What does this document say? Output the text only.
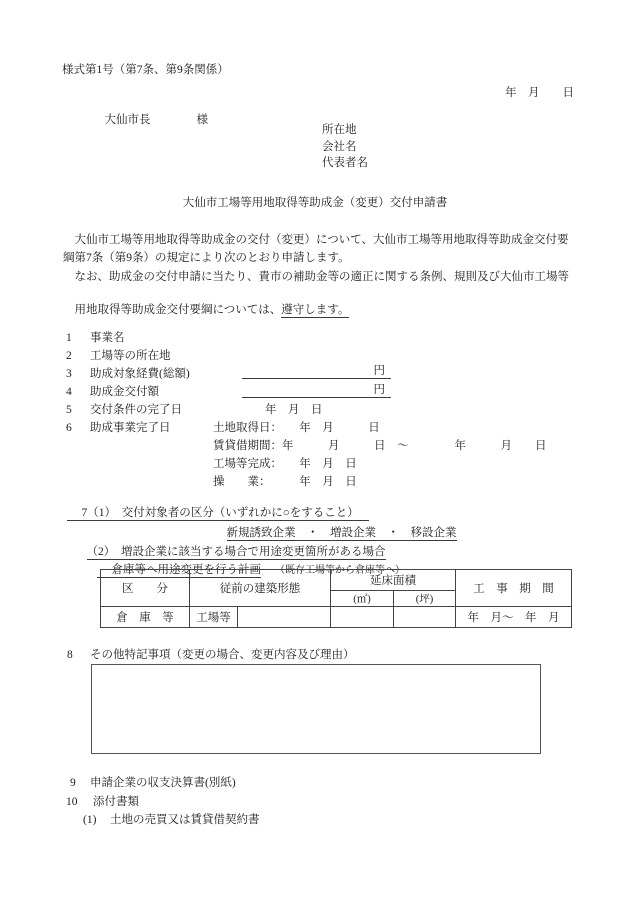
様式第1号（第7条、第9条関係）
年　月　　日

大仙市長	様

所在地
会社名
代表者名
大仙市工場等用地取得等助成金（変更）交付申請書
　大仙市工場等用地取得等助成金の交付（変更）について、大仙市工場等用地取得等助成金交付要
綱第7条（第9条）の規定により次のとおり申請します。
　なお、助成金の交付申請に当たり、貴市の補助金等の適正に関する条例、規則及び大仙市工場等

用地取得等助成金交付要綱については、遵守します。

1 事業名
2 工場等の所在地
3 助成対象経費(総額)	円
4 助成金交付額	円
5 交付条件の完了日	年　月　日
6 助成事業完了日	土地取得日：　　年　月　　　日
賃貸借期間：年　　　月　　　日　～　　　　年　　　月　　日
工場等完成：　　年　月　日
操　　業：　　　年　月　日

7（1）　交付対象者の区分（いずれかに○をすること）

新規誘致企業　・　増設企業　・　移設企業

（2）　増設企業に該当する場合で用途変更箇所がある場合

倉庫等へ用途変更を行う計画 （既存工場等から倉庫等へ）

区　　分	従前の建築形態		延床面積		工　事　期　間
			(㎡)	(坪)	
倉　庫　等	工場等				年　月～　年　月
8 その他特記事項（変更の場合、変更内容及び理由）
9 申請企業の収支決算書(別紙)
10 添付書類
(1) 土地の売買又は賃貸借契約書
